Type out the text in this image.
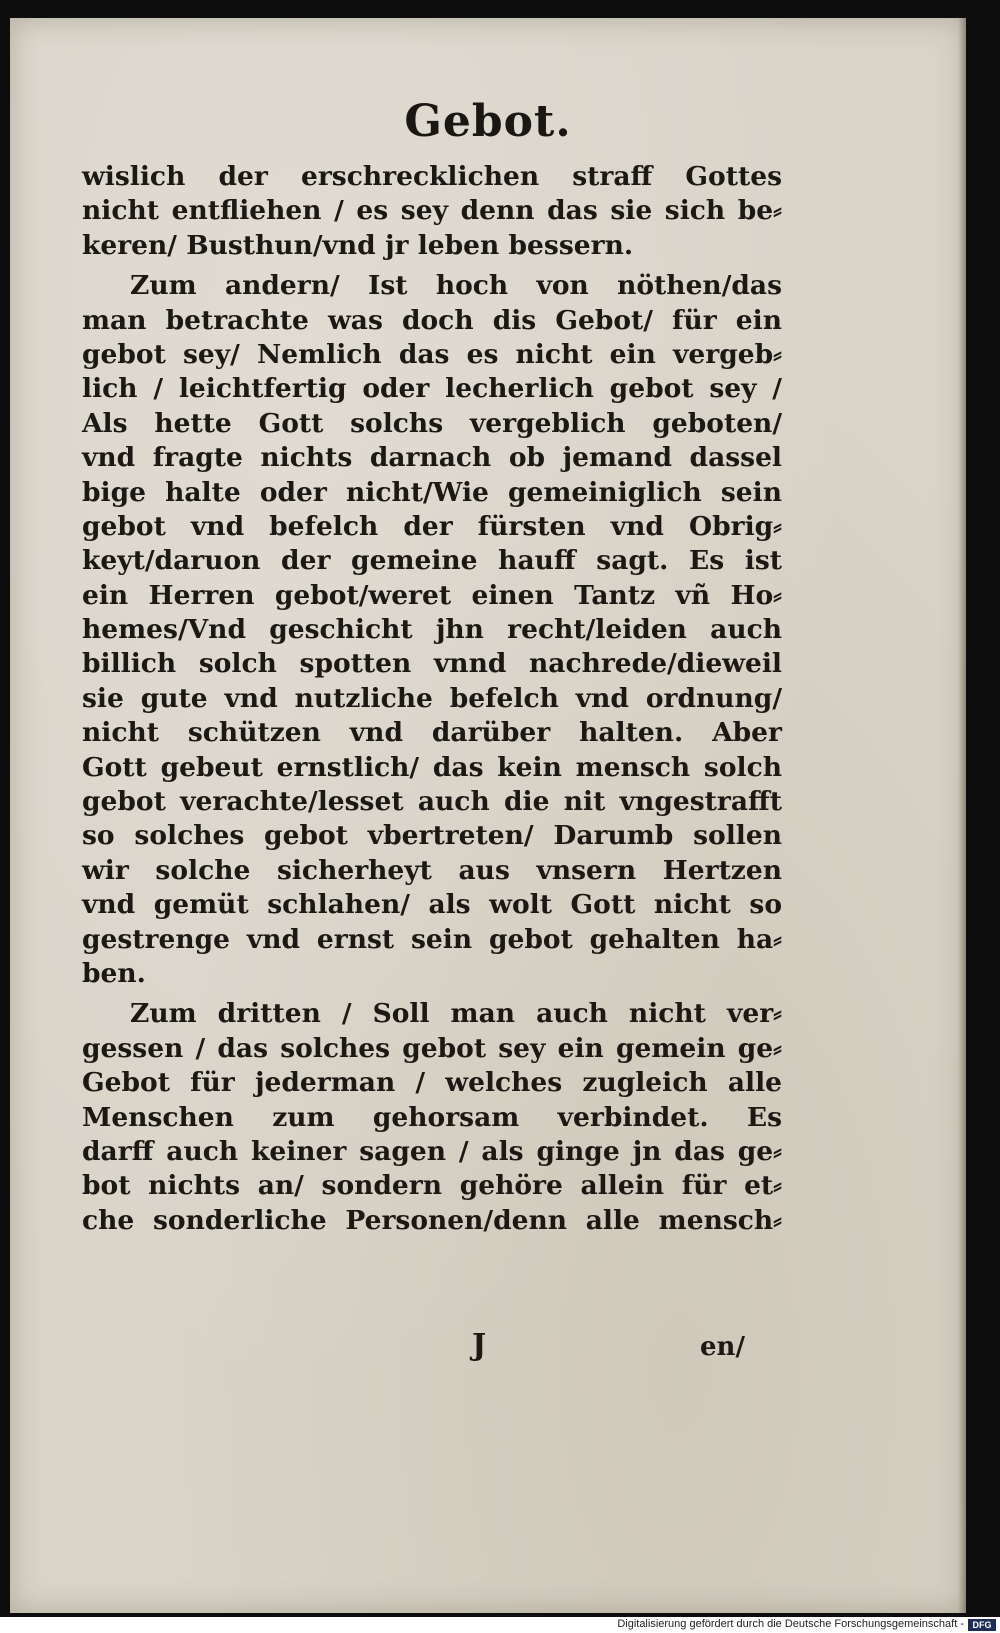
Gebot.
wislich der erschrecklichen straff Gottes
nicht entfliehen / es sey denn das sie sich be⸗
keren/ Busthun/vnd jr leben bessern.
Zum andern/ Ist hoch von nöthen/das
man betrachte was doch dis Gebot/ für ein
gebot sey/ Nemlich das es nicht ein vergeb⸗
lich / leichtfertig oder lecherlich gebot sey /
Als hette Gott solchs vergeblich geboten/
vnd fragte nichts darnach ob jemand dassel
bige halte oder nicht/Wie gemeiniglich sein
gebot vnd befelch der fürsten vnd Obrig⸗
keyt/daruon der gemeine hauff sagt. Es ist
ein Herren gebot/weret einen Tantz vñ Ho⸗
hemes/Vnd geschicht jhn recht/leiden auch
billich solch spotten vnnd nachrede/dieweil
sie gute vnd nutzliche befelch vnd ordnung/
nicht schützen vnd darüber halten. Aber
Gott gebeut ernstlich/ das kein mensch solch
gebot verachte/lesset auch die nit vngestrafft
so solches gebot vbertreten/ Darumb sollen
wir solche sicherheyt aus vnsern Hertzen
vnd gemüt schlahen/ als wolt Gott nicht so
gestrenge vnd ernst sein gebot gehalten ha⸗
ben.
Zum dritten / Soll man auch nicht ver⸗
gessen / das solches gebot sey ein gemein ge⸗
Gebot für jederman / welches zugleich alle
Menschen zum gehorsam verbindet. Es
darff auch keiner sagen / als ginge jn das ge⸗
bot nichts an/ sondern gehöre allein für et⸗
che sonderliche Personen/denn alle mensch⸗
J	en/
Digitalisierung gefördert durch die Deutsche Forschungsgemeinschaft - DFG
